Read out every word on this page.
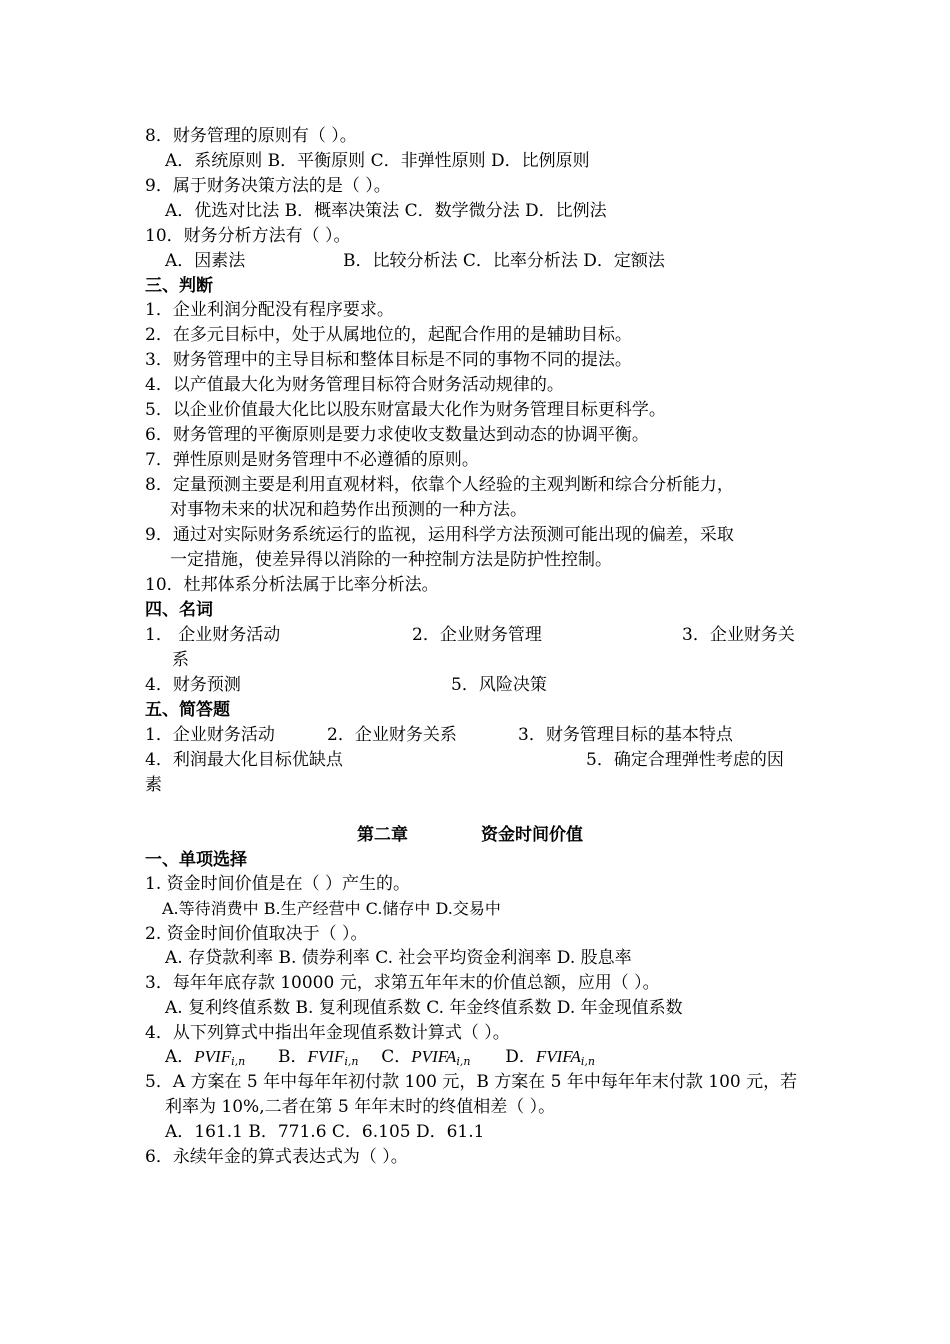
8．财务管理的原则有（ ）。
A．系统原则 B．平衡原则 C．非弹性原则 D．比例原则
9．属于财务决策方法的是（ ）。
A．优选对比法 B．概率决策法 C．数学微分法 D．比例法
10．财务分析方法有（ ）。
A．因素法	B．比较分析法 C．比率分析法 D．定额法
三、判断
1．企业利润分配没有程序要求。
2．在多元目标中，处于从属地位的，起配合作用的是辅助目标。
3．财务管理中的主导目标和整体目标是不同的事物不同的提法。
4．以产值最大化为财务管理目标符合财务活动规律的。
5．以企业价值最大化比以股东财富最大化作为财务管理目标更科学。
6．财务管理的平衡原则是要力求使收支数量达到动态的协调平衡。
7．弹性原则是财务管理中不必遵循的原则。
8．定量预测主要是利用直观材料，依靠个人经验的主观判断和综合分析能力，
对事物未来的状况和趋势作出预测的一种方法。
9．通过对实际财务系统运行的监视，运用科学方法预测可能出现的偏差，采取
一定措施，使差异得以消除的一种控制方法是防护性控制。
10．杜邦体系分析法属于比率分析法。
四、名词
1． 企业财务活动	2．企业财务管理	3．企业财务关
系
4．财务预测	5．风险决策
五、简答题
1．企业财务活动	2．企业财务关系	3．财务管理目标的基本特点
4．利润最大化目标优缺点	5．确定合理弹性考虑的因
素
第二章	资金时间价值
一、单项选择
1. 资金时间价值是在（ ）产生的。
A.等待消费中 B.生产经营中 C.储存中 D.交易中
2. 资金时间价值取决于（ ）。
A. 存贷款利率 B. 债券利率 C. 社会平均资金利润率 D. 股息率
3．每年年底存款 10000 元，求第五年年末的价值总额，应用（ ）。
A. 复利终值系数 B. 复利现值系数 C. 年金终值系数 D. 年金现值系数
4．从下列算式中指出年金现值系数计算式（ ）。
A．$PVIF_{i,n}$ B．$FVIF_{i,n}$ C．$PVIFA_{i,n}$ D．$FVIFA_{i,n}$
5．A 方案在 5 年中每年年初付款 100 元，B 方案在 5 年中每年年末付款 100 元，若
利率为 10%,二者在第 5 年年末时的终值相差（ ）。
A．161.1 B．771.6 C．6.105 D．61.1
6．永续年金的算式表达式为（ ）。
